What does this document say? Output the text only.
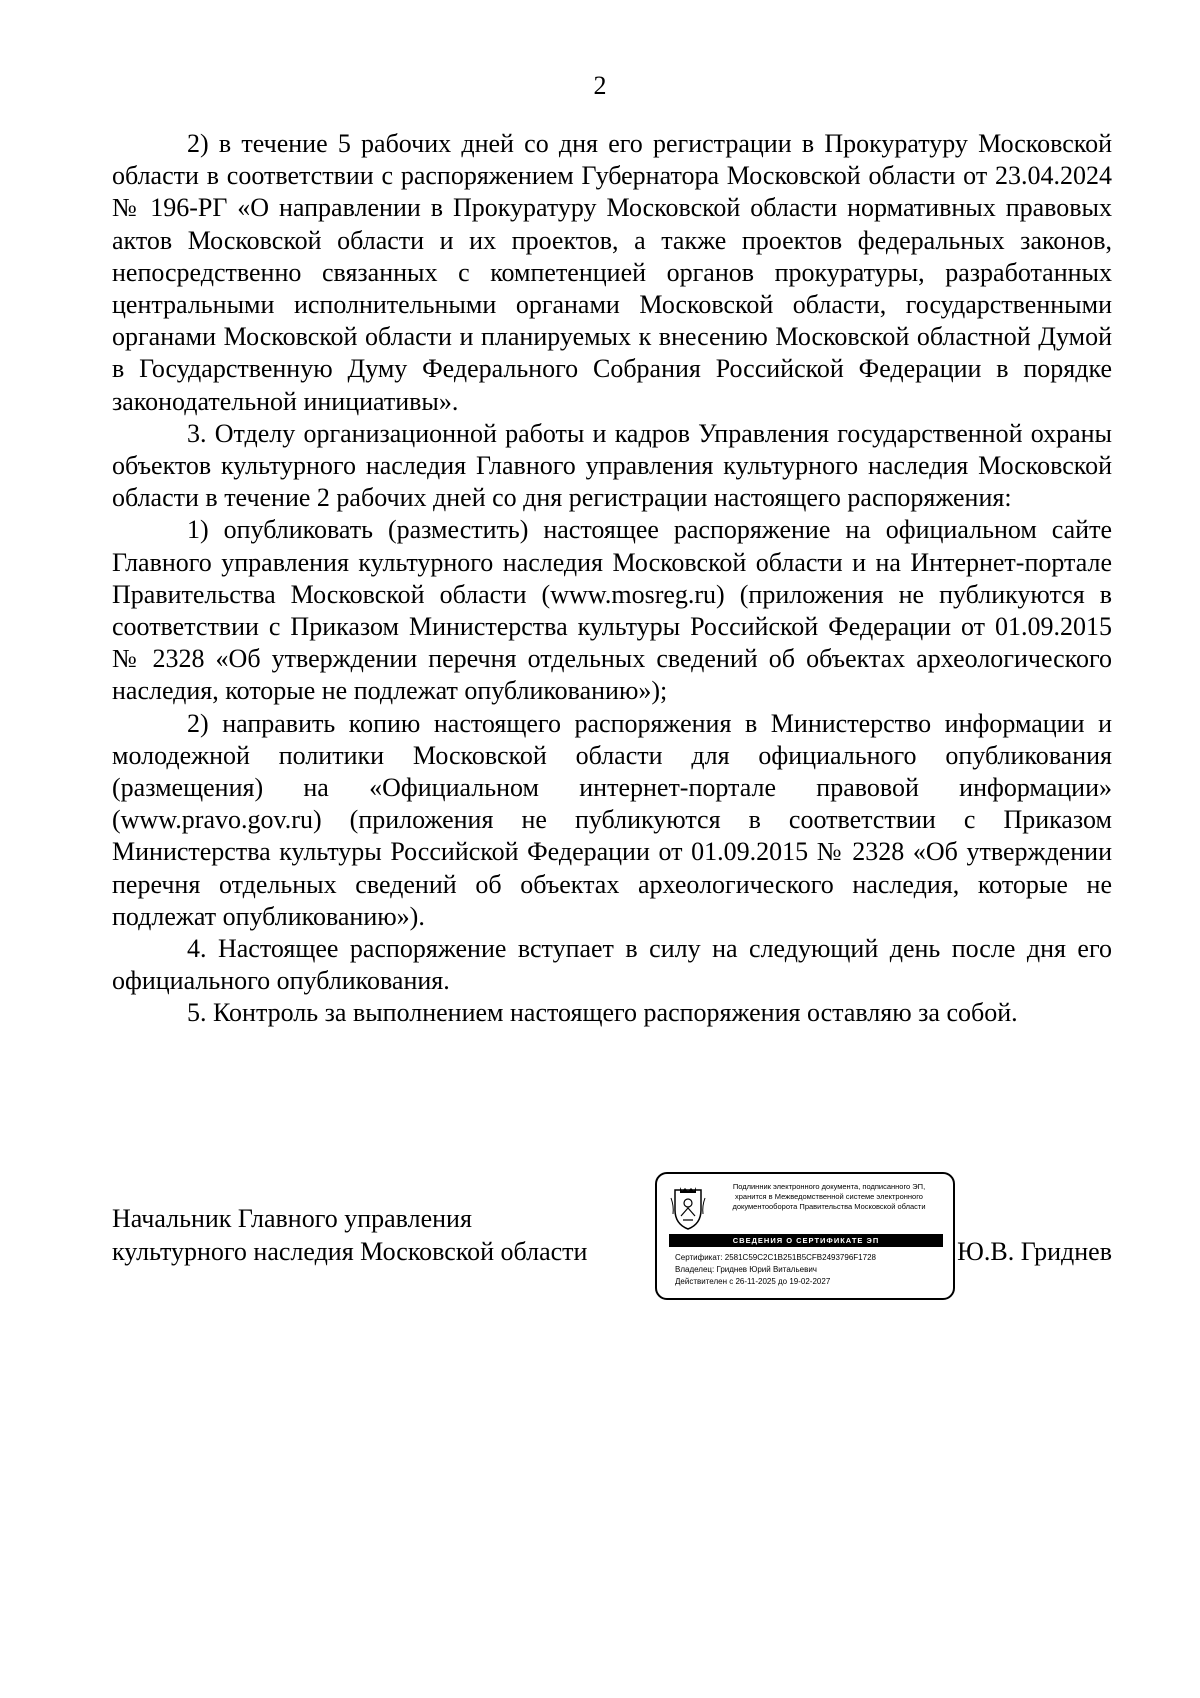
2

2) в течение 5 рабочих дней со дня его регистрации в Прокуратуру Московской области в соответствии с распоряжением Губернатора Московской области от 23.04.2024 № 196-РГ «О направлении в Прокуратуру Московской области нормативных правовых актов Московской области и их проектов, а также проектов федеральных законов, непосредственно связанных с компетенцией органов прокуратуры, разработанных центральными исполнительными органами Московской области, государственными органами Московской области и планируемых к внесению Московской областной Думой в Государственную Думу Федерального Собрания Российской Федерации в порядке законодательной инициативы».

3. Отделу организационной работы и кадров Управления государственной охраны объектов культурного наследия Главного управления культурного наследия Московской области в течение 2 рабочих дней со дня регистрации настоящего распоряжения:

1) опубликовать (разместить) настоящее распоряжение на официальном сайте Главного управления культурного наследия Московской области и на Интернет-портале Правительства Московской области (www.mosreg.ru) (приложения не публикуются в соответствии с Приказом Министерства культуры Российской Федерации от 01.09.2015 № 2328 «Об утверждении перечня отдельных сведений об объектах археологического наследия, которые не подлежат опубликованию»);

2) направить копию настоящего распоряжения в Министерство информации и молодежной политики Московской области для официального опубликования (размещения) на «Официальном интернет-портале правовой информации» (www.pravo.gov.ru) (приложения не публикуются в соответствии с Приказом Министерства культуры Российской Федерации от 01.09.2015 № 2328 «Об утверждении перечня отдельных сведений об объектах археологического наследия, которые не подлежат опубликованию»).

4. Настоящее распоряжение вступает в силу на следующий день после дня его официального опубликования.

5. Контроль за выполнением настоящего распоряжения оставляю за собой.

Начальник Главного управления
культурного наследия Московской области

Подлинник электронного документа, подписанного ЭП,
хранится в Межведомственной системе электронного
документооборота Правительства Московской области
СВЕДЕНИЯ О СЕРТИФИКАТЕ ЭП
Сертификат: 2581C59C2C1B251B5CFB2493796F1728
Владелец: Гриднев Юрий Витальевич
Действителен с 26-11-2025 до 19-02-2027
Ю.В. Гриднев
